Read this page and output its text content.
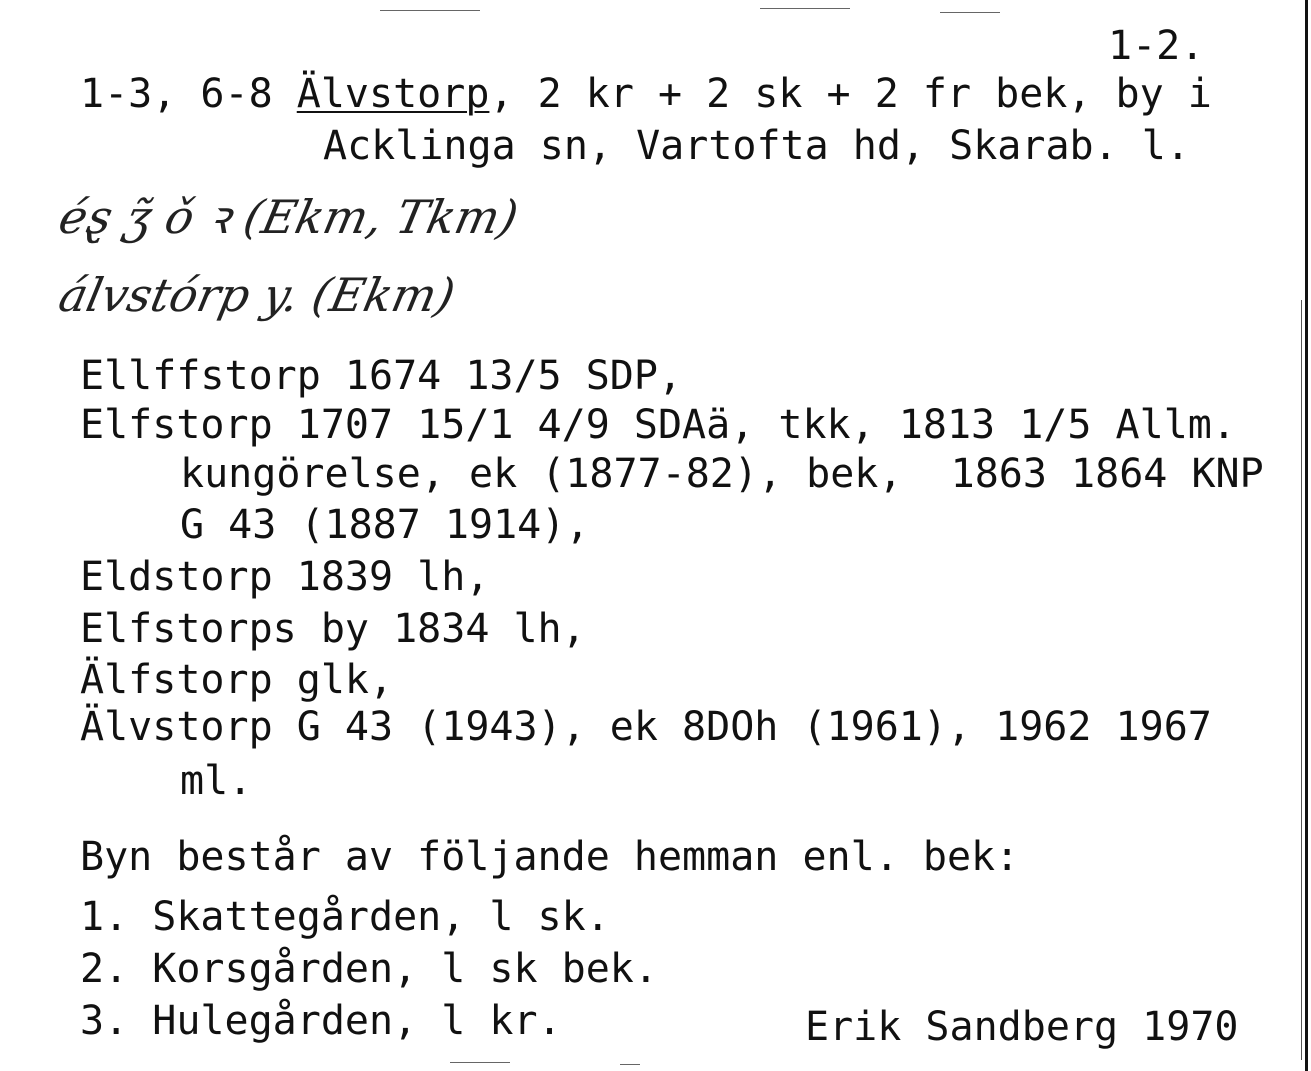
1-2.
1-3, 6-8 Älvstorp, 2 kr + 2 sk + 2 fr bek, by i
Acklinga sn, Vartofta hd, Skarab. l.
éȿ ʒ̃ ǒ ꝛ (Ekm, Tkm)
álvstórp y. (Ekm)
Ellffstorp 1674 13/5 SDP,
Elfstorp 1707 15/1 4/9 SDAä, tkk, 1813 1/5 Allm.
kungörelse, ek (1877-82), bek,  1863 1864 KNP
G 43 (1887 1914),
Eldstorp 1839 lh,
Elfstorps by 1834 lh,
Älfstorp glk,
Älvstorp G 43 (1943), ek 8DOh (1961), 1962 1967
ml.
Byn består av följande hemman enl. bek:
1. Skattegården, l sk.
2. Korsgården, l sk bek.
3. Hulegården, l kr.	Erik Sandberg 1970
